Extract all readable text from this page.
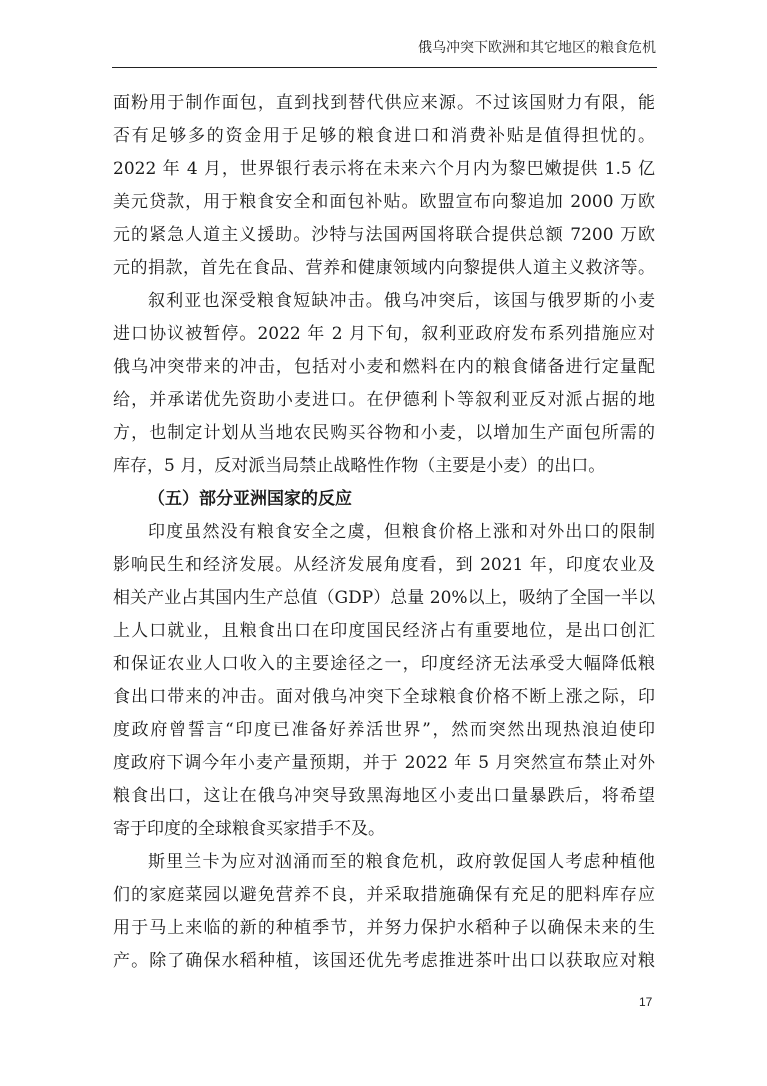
俄乌冲突下欧洲和其它地区的粮食危机
面粉用于制作面包，直到找到替代供应来源。不过该国财力有限，能
否有足够多的资金用于足够的粮食进口和消费补贴是值得担忧的。
2022 年 4 月，世界银行表示将在未来六个月内为黎巴嫩提供 1.5 亿
美元贷款，用于粮食安全和面包补贴。欧盟宣布向黎追加 2000 万欧
元的紧急人道主义援助。沙特与法国两国将联合提供总额 7200 万欧
元的捐款，首先在食品、营养和健康领域内向黎提供人道主义救济等。
叙利亚也深受粮食短缺冲击。俄乌冲突后，该国与俄罗斯的小麦
进口协议被暂停。2022 年 2 月下旬，叙利亚政府发布系列措施应对
俄乌冲突带来的冲击，包括对小麦和燃料在内的粮食储备进行定量配
给，并承诺优先资助小麦进口。在伊德利卜等叙利亚反对派占据的地
方，也制定计划从当地农民购买谷物和小麦，以增加生产面包所需的
库存，5 月，反对派当局禁止战略性作物（主要是小麦）的出口。
（五）部分亚洲国家的反应
印度虽然没有粮食安全之虞，但粮食价格上涨和对外出口的限制
影响民生和经济发展。从经济发展角度看，到 2021 年，印度农业及
相关产业占其国内生产总值（GDP）总量 20%以上，吸纳了全国一半以
上人口就业，且粮食出口在印度国民经济占有重要地位，是出口创汇
和保证农业人口收入的主要途径之一，印度经济无法承受大幅降低粮
食出口带来的冲击。面对俄乌冲突下全球粮食价格不断上涨之际，印
度政府曾誓言“印度已准备好养活世界”，然而突然出现热浪迫使印
度政府下调今年小麦产量预期，并于 2022 年 5 月突然宣布禁止对外
粮食出口，这让在俄乌冲突导致黑海地区小麦出口量暴跌后，将希望
寄于印度的全球粮食买家措手不及。
斯里兰卡为应对汹涌而至的粮食危机，政府敦促国人考虑种植他
们的家庭菜园以避免营养不良，并采取措施确保有充足的肥料库存应
用于马上来临的新的种植季节，并努力保护水稻种子以确保未来的生
产。除了确保水稻种植，该国还优先考虑推进茶叶出口以获取应对粮
17
